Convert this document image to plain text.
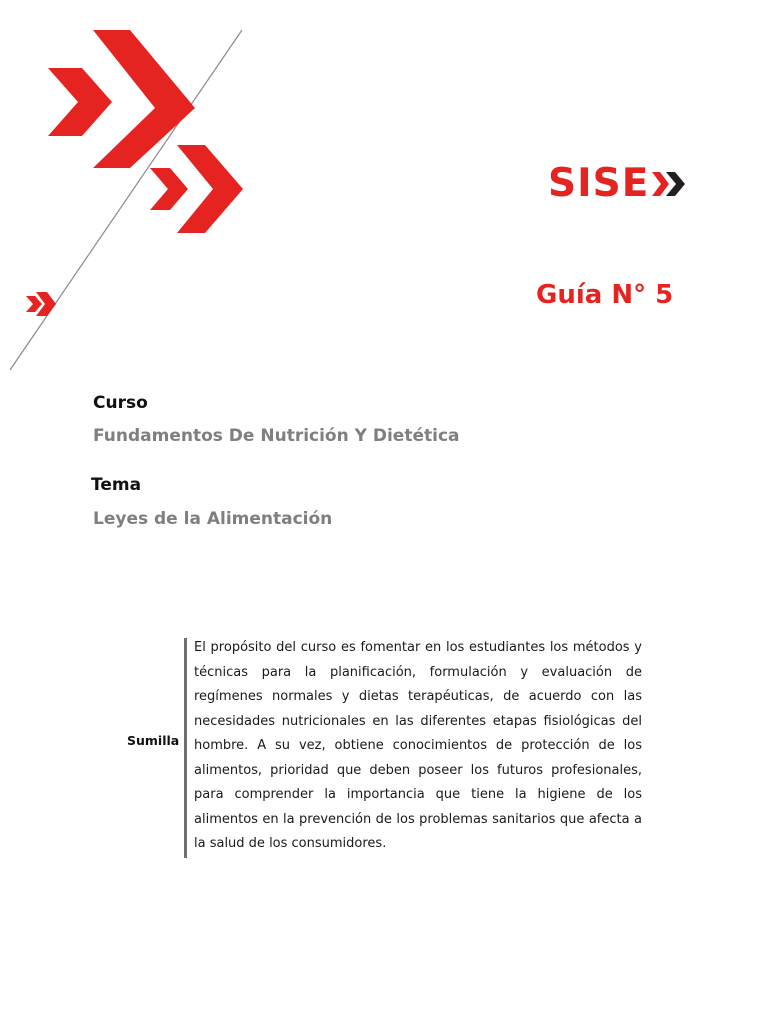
SISE
Guía N° 5
Curso
Fundamentos De Nutrición Y Dietética
Tema
Leyes de la Alimentación
Sumilla
El propósito del curso es fomentar en los estudiantes los métodos y técnicas para la planificación, formulación y evaluación de regímenes normales y dietas terapéuticas, de acuerdo con las necesidades nutricionales en las diferentes etapas fisiológicas del hombre. A su vez, obtiene conocimientos de protección de los alimentos, prioridad que deben poseer los futuros profesionales, para comprender la importancia que tiene la higiene de los alimentos en la prevención de los problemas sanitarios que afecta a la salud de los consumidores.
